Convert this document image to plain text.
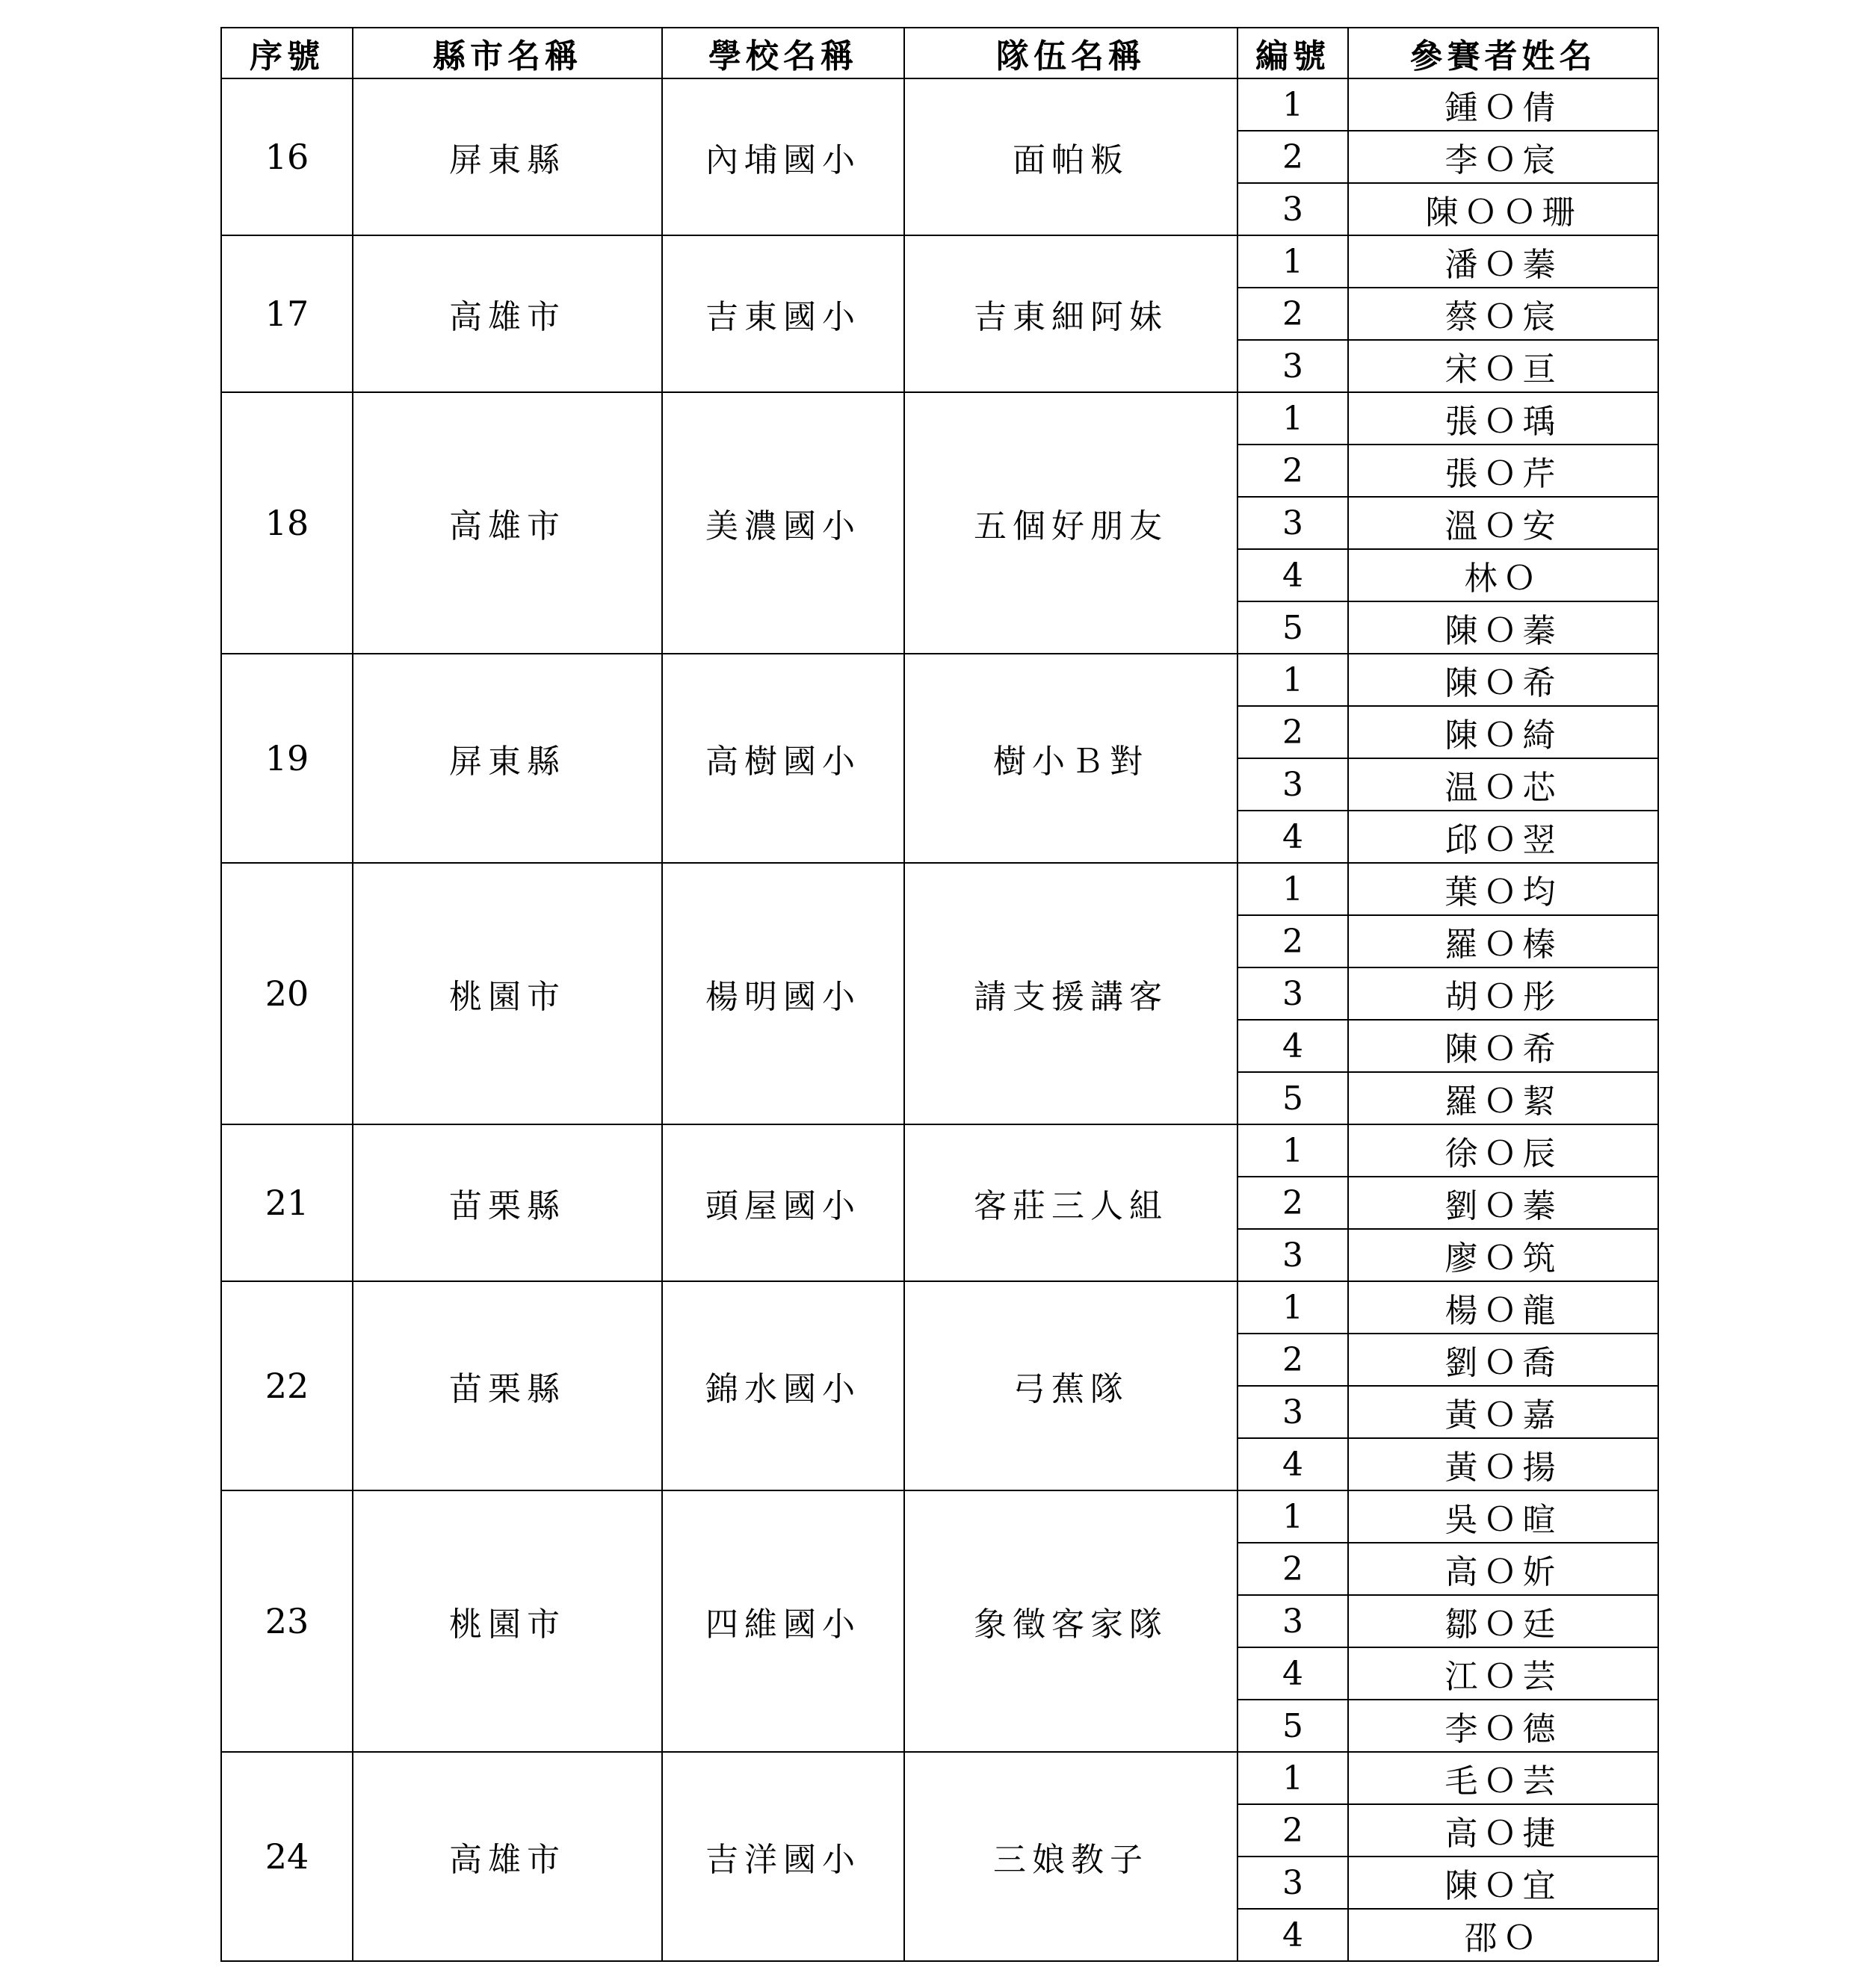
序號	縣市名稱	學校名稱	隊伍名稱	編號	參賽者姓名
16	屏東縣	內埔國小	面帕粄	1	鍾Ｏ倩
				2	李Ｏ宸
				3	陳ＯＯ珊
17	高雄市	吉東國小	吉東細阿妹	1	潘Ｏ蓁
				2	蔡Ｏ宸
				3	宋Ｏ亘
18	高雄市	美濃國小	五個好朋友	1	張Ｏ瑀
				2	張Ｏ芹
				3	溫Ｏ安
				4	林Ｏ
				5	陳Ｏ蓁
19	屏東縣	高樹國小	樹小Ｂ對	1	陳Ｏ希
				2	陳Ｏ綺
				3	温Ｏ芯
				4	邱Ｏ翌
20	桃園市	楊明國小	請支援講客	1	葉Ｏ均
				2	羅Ｏ榛
				3	胡Ｏ彤
				4	陳Ｏ希
				5	羅Ｏ絜
21	苗栗縣	頭屋國小	客莊三人組	1	徐Ｏ辰
				2	劉Ｏ蓁
				3	廖Ｏ筑
22	苗栗縣	錦水國小	弓蕉隊	1	楊Ｏ龍
				2	劉Ｏ喬
				3	黃Ｏ嘉
				4	黃Ｏ揚
23	桃園市	四維國小	象徵客家隊	1	吳Ｏ暄
				2	高Ｏ妡
				3	鄒Ｏ廷
				4	江Ｏ芸
				5	李Ｏ德
24	高雄市	吉洋國小	三娘教子	1	毛Ｏ芸
				2	高Ｏ捷
				3	陳Ｏ宜
				4	邵Ｏ
